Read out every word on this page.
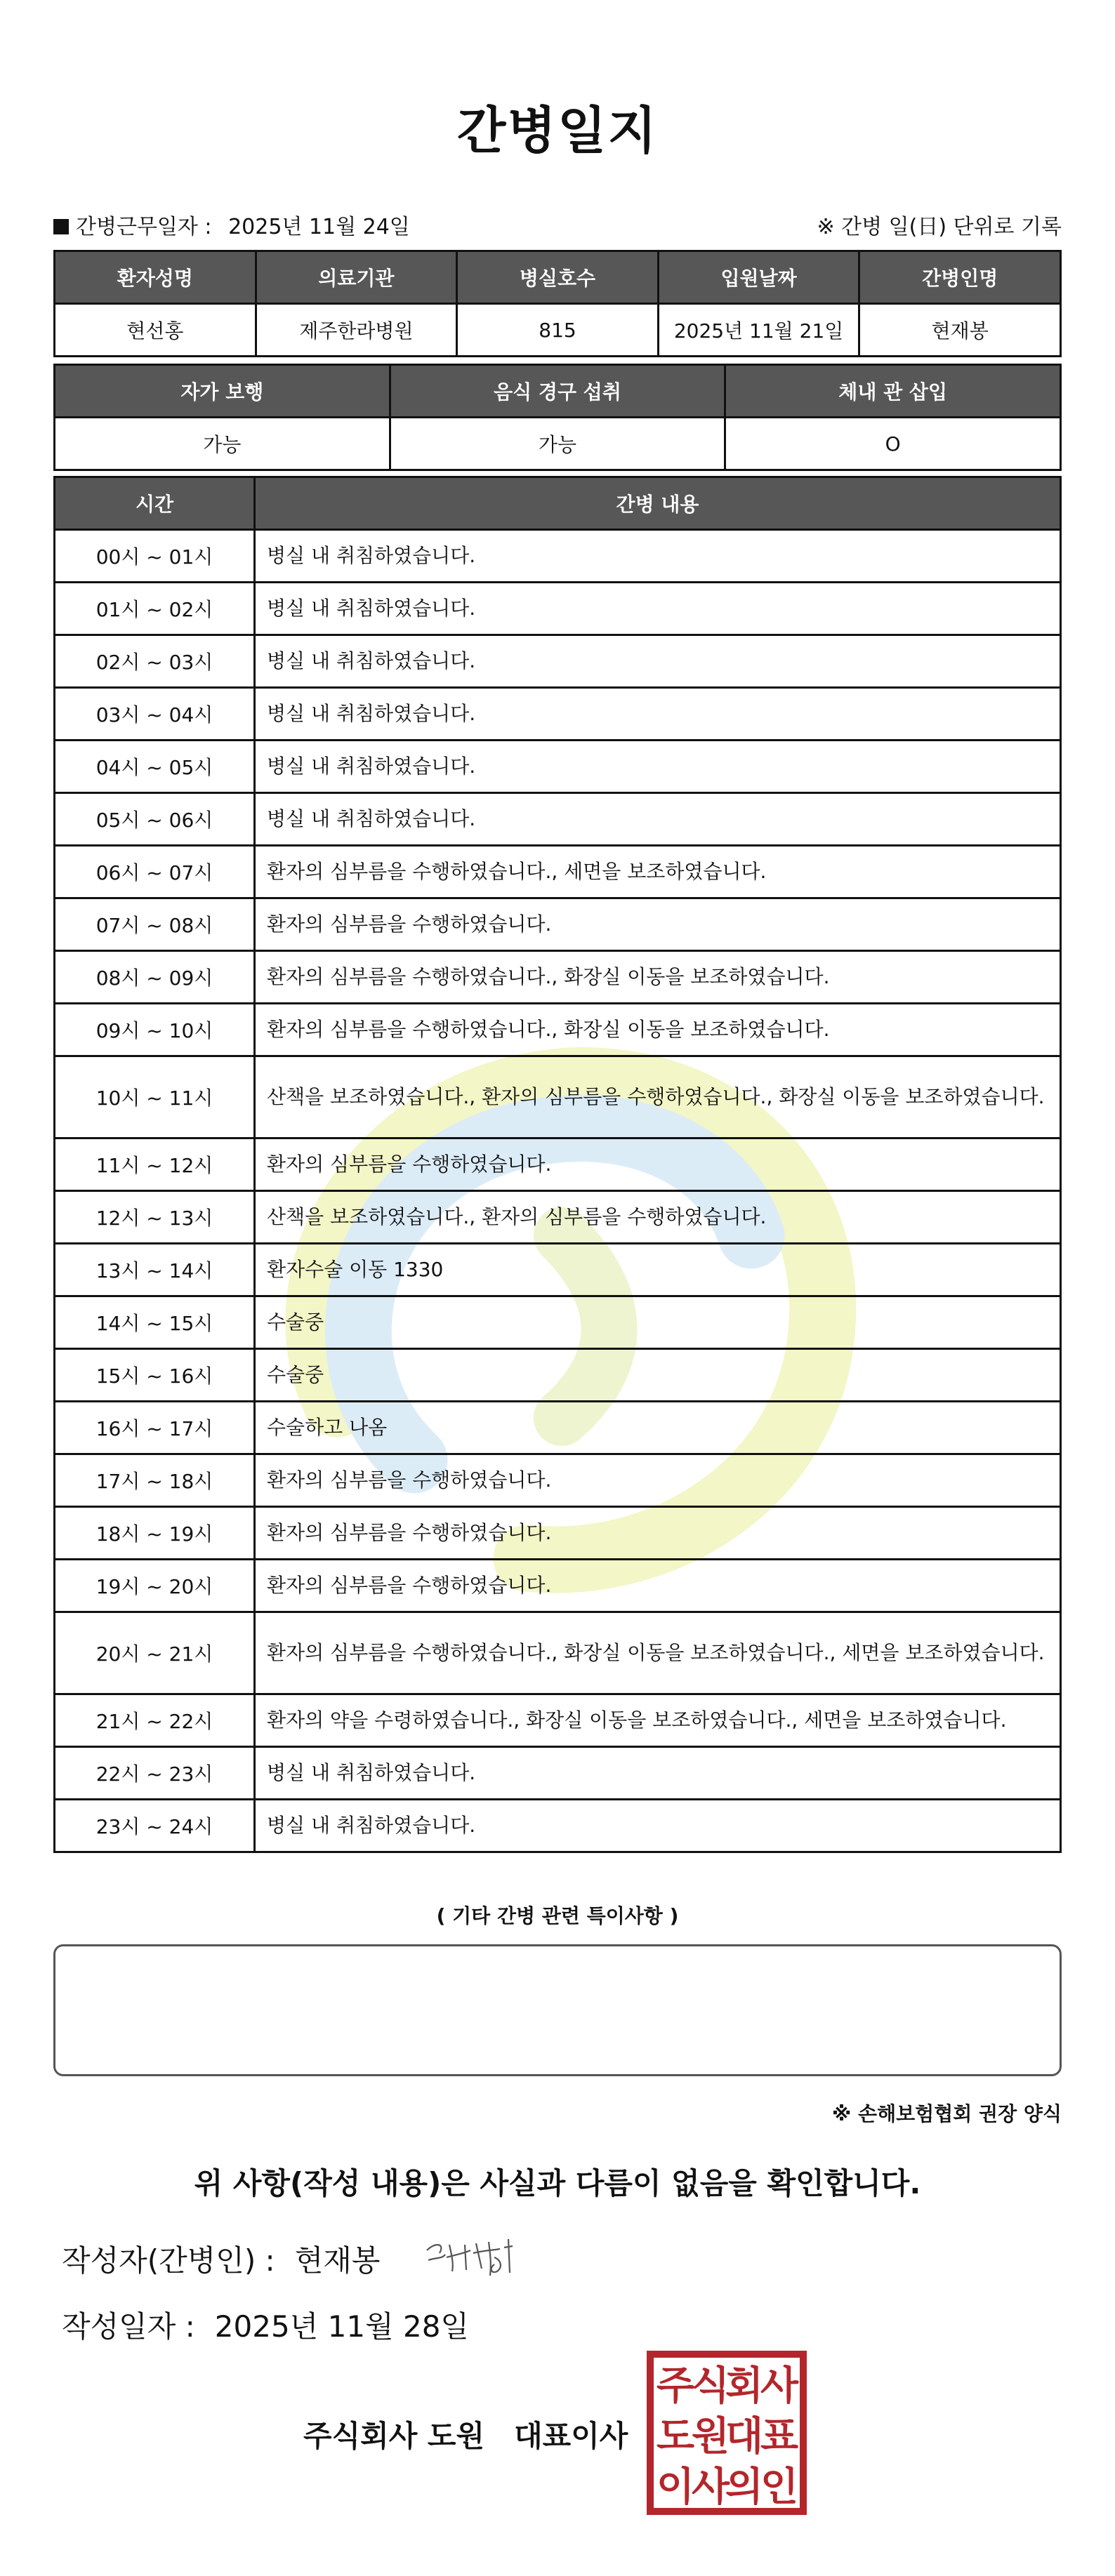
간병일지
간병근무일자 : 2025년 11월 24일	※ 간병 일(日) 단위로 기록
환자성명	의료기관	병실호수	입원날짜	간병인명
현선홍	제주한라병원	815	2025년 11월 21일	현재봉
자가 보행	음식 경구 섭취	체내 관 삽입
가능	가능	O
시간	간병 내용
00시 ~ 01시	병실 내 취침하였습니다.
01시 ~ 02시	병실 내 취침하였습니다.
02시 ~ 03시	병실 내 취침하였습니다.
03시 ~ 04시	병실 내 취침하였습니다.
04시 ~ 05시	병실 내 취침하였습니다.
05시 ~ 06시	병실 내 취침하였습니다.
06시 ~ 07시	환자의 심부름을 수행하였습니다., 세면을 보조하였습니다.
07시 ~ 08시	환자의 심부름을 수행하였습니다.
08시 ~ 09시	환자의 심부름을 수행하였습니다., 화장실 이동을 보조하였습니다.
09시 ~ 10시	환자의 심부름을 수행하였습니다., 화장실 이동을 보조하였습니다.
10시 ~ 11시	산책을 보조하였습니다., 환자의 심부름을 수행하였습니다., 화장실 이동을 보조하였습니다.
11시 ~ 12시	환자의 심부름을 수행하였습니다.
12시 ~ 13시	산책을 보조하였습니다., 환자의 심부름을 수행하였습니다.
13시 ~ 14시	환자수술 이동 1330
14시 ~ 15시	수술중
15시 ~ 16시	수술중
16시 ~ 17시	수술하고 나옴
17시 ~ 18시	환자의 심부름을 수행하였습니다.
18시 ~ 19시	환자의 심부름을 수행하였습니다.
19시 ~ 20시	환자의 심부름을 수행하였습니다.
20시 ~ 21시	환자의 심부름을 수행하였습니다., 화장실 이동을 보조하였습니다., 세면을 보조하였습니다.
21시 ~ 22시	환자의 약을 수령하였습니다., 화장실 이동을 보조하였습니다., 세면을 보조하였습니다.
22시 ~ 23시	병실 내 취침하였습니다.
23시 ~ 24시	병실 내 취침하였습니다.
( 기타 간병 관련 특이사항 )
※ 손해보험협회 권장 양식
위 사항(작성 내용)은 사실과 다름이 없음을 확인합니다.
작성자(간병인) : 현재봉
작성일자 : 2025년 11월 28일
주식회사 도원 대표이사
주
식
회
사
도
원
대
표
이
사
의
인
